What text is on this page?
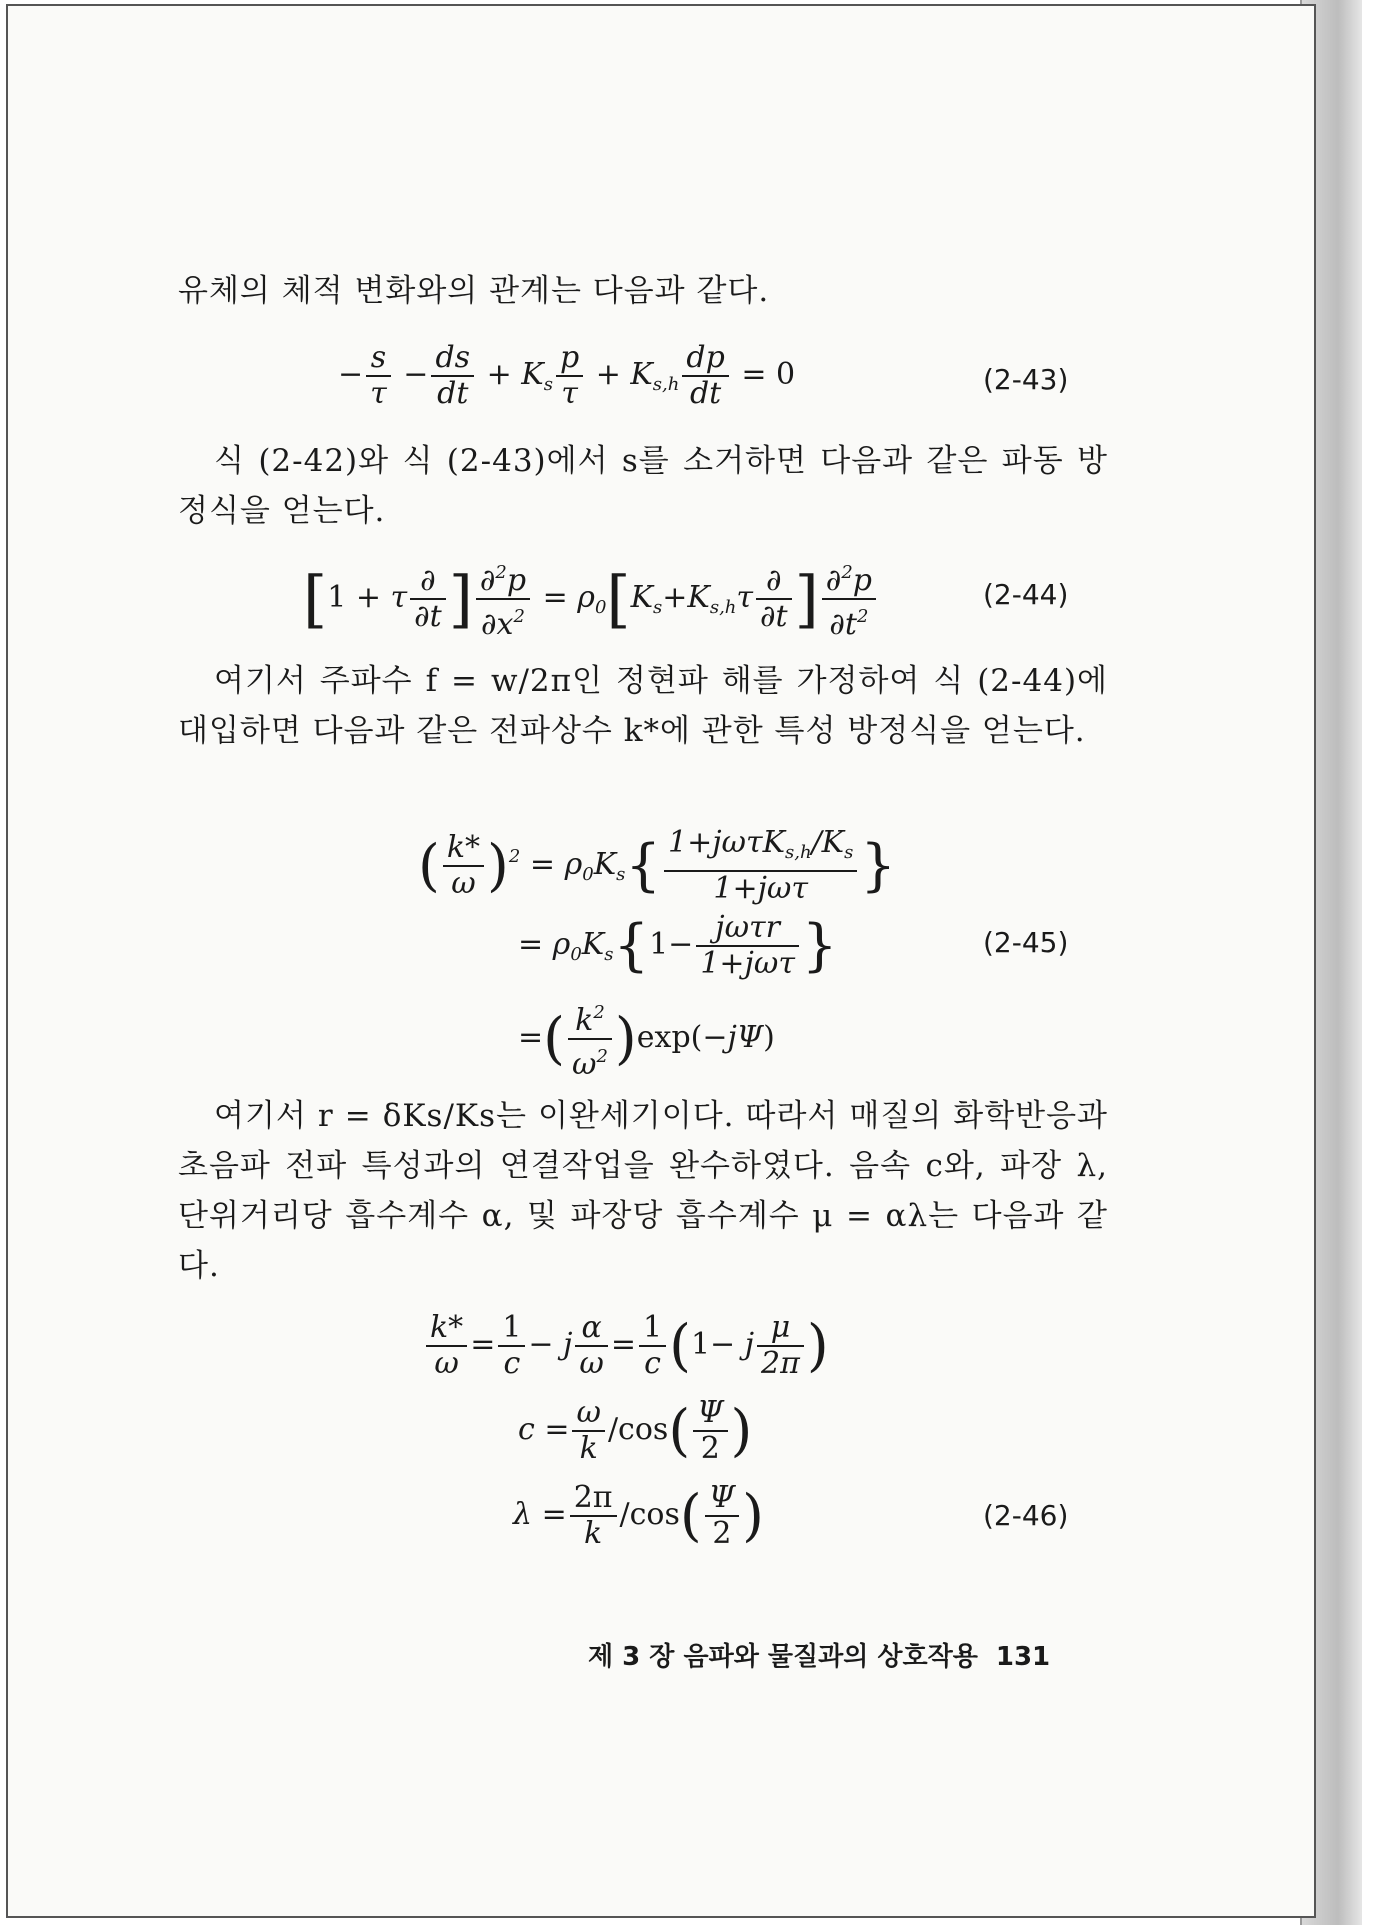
유체의 체적 변화와의 관계는 다음과 같다.
− $\frac{s}{\tau} - \frac{ds}{dt} + K_s \frac{p}{\tau} + K_{s,h} \frac{dp}{dt} = 0$	(2-43)
식 (2-42)와 식 (2-43)에서 s를 소거하면 다음과 같은 파동 방정식을 얻는다.
[1 + τ $\frac{\partial}{\partial t}$ ] $\frac{\partial^2p}{\partial x^2} = \rho_0[K_s+K_{s,h}\tau \frac{\partial}{\partial t}$ ] $\frac{\partial^2p}{\partial t^2}$	(2-44)
여기서 주파수 f = w/2π인 정현파 해를 가정하여 식 (2-44)에 대입하면 다음과 같은 전파상수 k*에 관한 특성 방정식을 얻는다.
( $\frac{k*}{\omega} )^2 = \rho_0K_s\{ \frac{1+j\omega\tau K_{s,h}/K_s}{\text{1+jωτ}}$ }
= $\rho_0K_s\{1- \frac{\text{jωτr}}{\text{1+jωτ}}$ }
=( $\frac{k^2}{\omega^2} )\exp(-j\Psi)$
(2-45)
여기서 r = δKs/Ks는 이완세기이다. 따라서 매질의 화학반응과 초음파 전파 특성과의 연결작업을 완수하였다. 음속 c와, 파장 λ, 단위거리당 흡수계수 α, 및 파장당 흡수계수 μ = αλ는 다음과 같다.
$\frac{k*}{\omega} = \frac{1}{c} - j \frac{\alpha}{\omega} = \frac{1}{c} (1- j \frac{\mu}{2\pi}$ )
$c = \frac{\omega}{k} /\cos( \frac{\Psi}{2}$ )
$\lambda = \frac{2\pi}{k} /\cos( \frac{\Psi}{2}$ )	(2-46)
제 3 장 음파와 물질과의 상호작용 131
